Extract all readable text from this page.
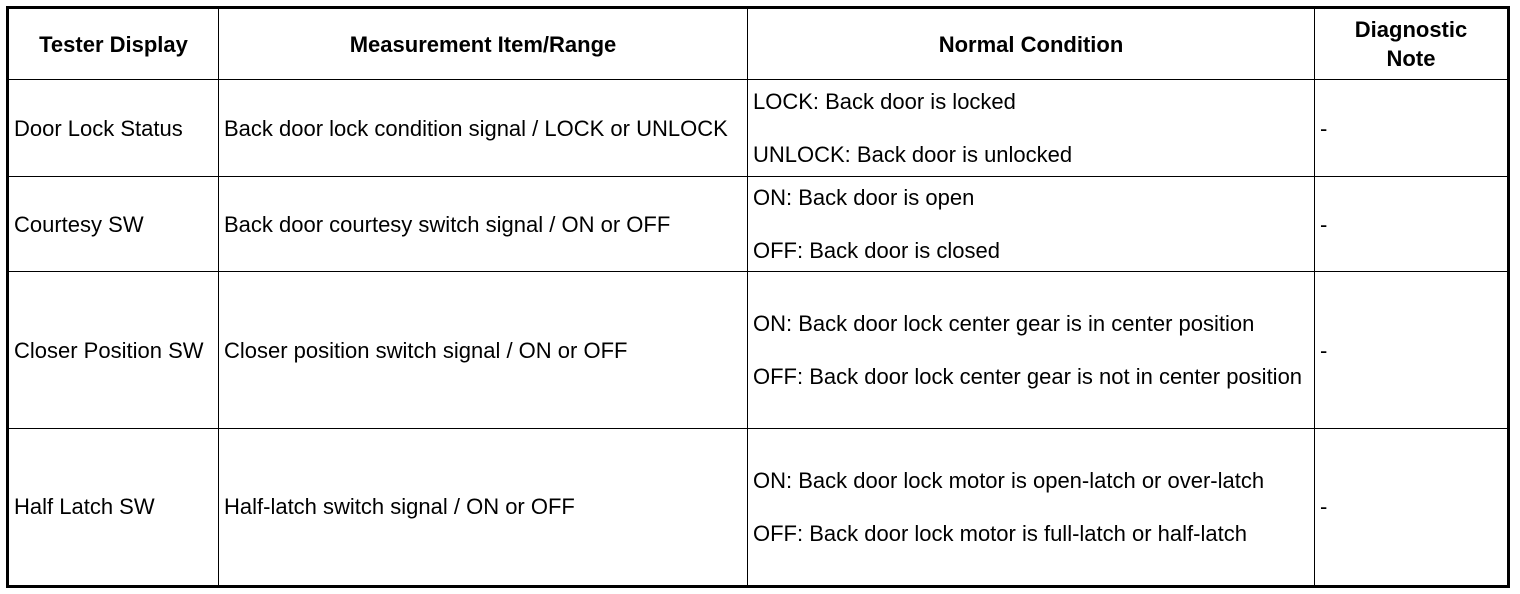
Tester Display	Measurement Item/Range	Normal Condition	Diagnostic
Note
Door Lock Status	Back door lock condition signal / LOCK or UNLOCK	LOCK: Back door is locked
UNLOCK: Back door is unlocked	-
Courtesy SW	Back door courtesy switch signal / ON or OFF	ON: Back door is open
OFF: Back door is closed	-
Closer Position SW	Closer position switch signal / ON or OFF	ON: Back door lock center gear is in center position
OFF: Back door lock center gear is not in center position	-
Half Latch SW	Half-latch switch signal / ON or OFF	ON: Back door lock motor is open-latch or over-latch
OFF: Back door lock motor is full-latch or half-latch	-
